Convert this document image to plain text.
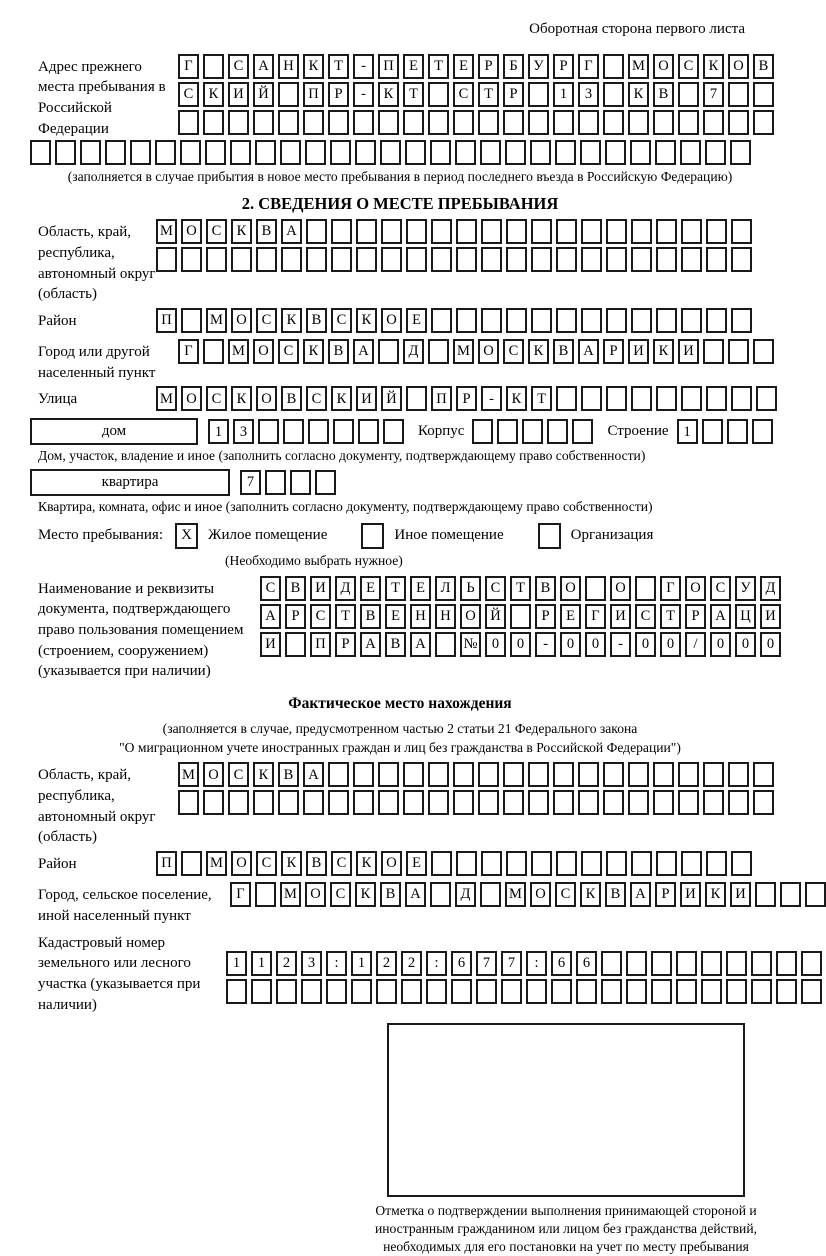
Оборотная сторона первого листа
Адрес прежнего места пребывания в Российской Федерации
Г	С	А	Н	К	Т	-	П	Е	Т	Е	Р	Б	У	Р	Г	М О	С	К	О	В
С	К	И	Й	П	Р	-	К	Т	С	Т	Р	1	3	К	В	7
(заполняется в случае прибытия в новое место пребывания в период последнего въезда в Российскую Федерацию)
2. СВЕДЕНИЯ О МЕСТЕ ПРЕБЫВАНИЯ
Область, край, республика, автономный округ (область)
М О	С	К	В	А
Район	П	М О	С	К	В	С	К	О	Е
Город или другой населенный пункт
Г	М О	С	К	В	А	Д	М О	С	К	В	А	Р	И	К	И
Улица	М О	С	К	О	В	С	К	И	Й	П	Р	-	К	Т
дом	1	3	Корпус	Строение	1
Дом, участок, владение и иное (заполнить согласно документу, подтверждающему право собственности)
квартира	7
Квартира, комната, офис и иное (заполнить согласно документу, подтверждающему право собственности)
Место пребывания:	X	Жилое помещение	Иное помещение	Организация
(Необходимо выбрать нужное)
Наименование и реквизиты документа, подтверждающего право пользования помещением (строением, сооружением) (указывается при наличии)
С	В	И	Д	Е	Т	Е	Л	Ь	С	Т	В	О	О	Г	О	С	У	Д
А	Р	С	Т	В	Е	Н	Н	О	Й	Р	Е	Г	И	С	Т	Р	А	Ц	И
И	П	Р	А	В	А	№ 0	0	-	0	0	-	0	0	/	0	0	0
Фактическое место нахождения
(заполняется в случае, предусмотренном частью 2 статьи 21 Федерального закона
"О миграционном учете иностранных граждан и лиц без гражданства в Российской Федерации")
Область, край, республика, автономный округ (область)
М О	С	К	В	А
Район	П	М О	С	К	В	С	К	О	Е
Город, сельское поселение, иной населенный пункт
Г	М О	С	К	В	А	Д	М О	С	К	В	А	Р	И	К	И
Кадастровый номер земельного или лесного участка (указывается при наличии)
1	1	2	3	:	1	2	2	:	6	7	7	:	6	6
Отметка о подтверждении выполнения принимающей стороной и иностранным гражданином или лицом без гражданства действий, необходимых для его постановки на учет по месту пребывания
